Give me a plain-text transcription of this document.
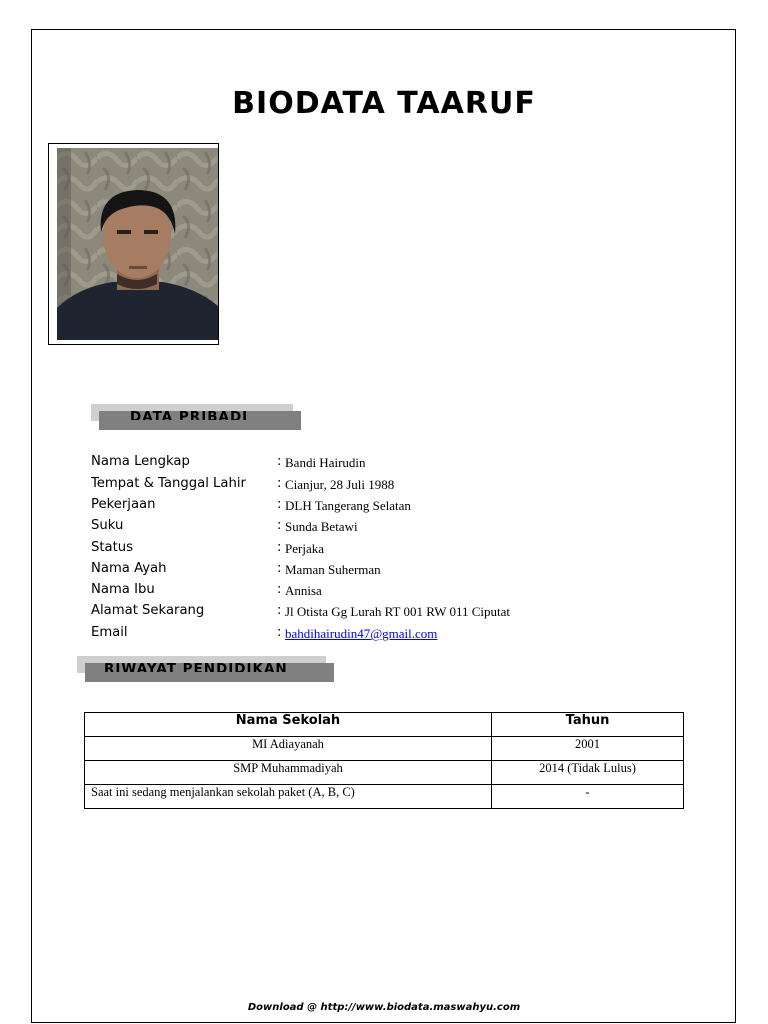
BIODATA TAARUF
DATA PRIBADI
Nama Lengkap	: Bandi Hairudin
Tempat & Tanggal Lahir : Cianjur, 28 Juli 1988
Pekerjaan	: DLH Tangerang Selatan
Suku	: Sunda Betawi
Status	: Perjaka
Nama Ayah	: Maman Suherman
Nama Ibu	: Annisa
Alamat Sekarang	: Jl Otista Gg Lurah RT 001 RW 011 Ciputat
Email	: bahdihairudin47@gmail.com
RIWAYAT PENDIDIKAN
Nama Sekolah	Tahun
MI Adiayanah	2001
SMP Muhammadiyah	2014 (Tidak Lulus)
Saat ini sedang menjalankan sekolah paket (A, B, C)	-
Download @ http://www.biodata.maswahyu.com
